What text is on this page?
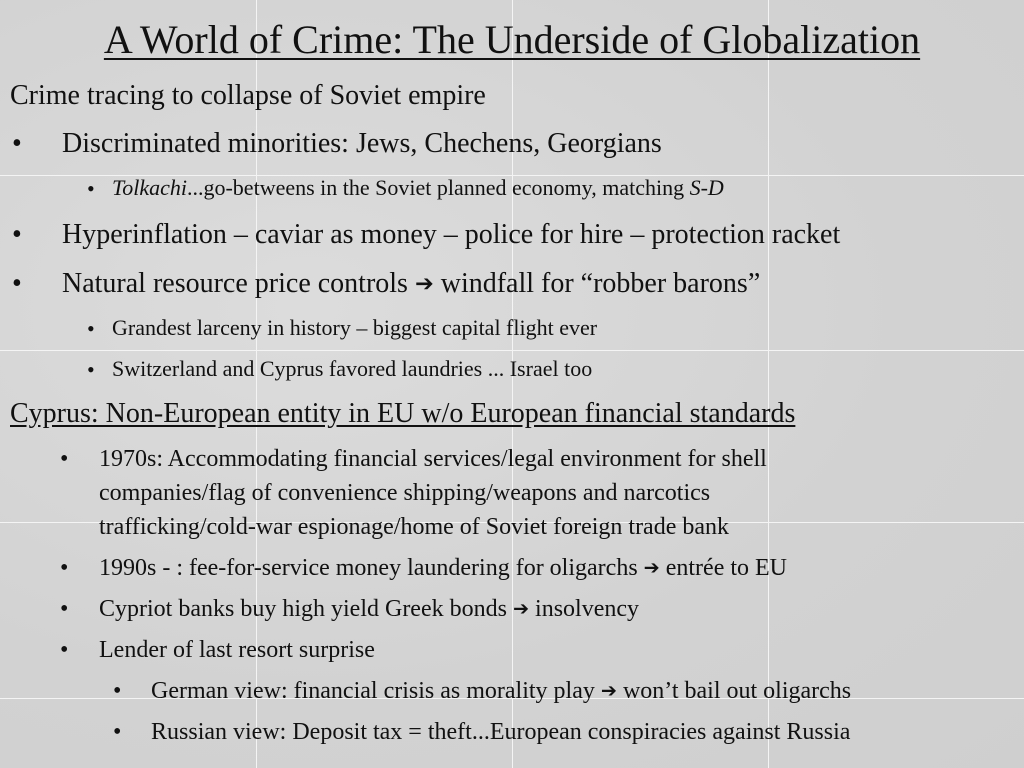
A World of Crime: The Underside of Globalization
Crime tracing to collapse of Soviet empire
• Discriminated minorities: Jews, Chechens, Georgians
• Tolkachi...go-betweens in the Soviet planned economy, matching S-D
• Hyperinflation – caviar as money – police for hire – protection racket
• Natural resource price controls ➔ windfall for “robber barons”
• Grandest larceny in history – biggest capital flight ever
• Switzerland and Cyprus favored laundries ... Israel too
Cyprus: Non-European entity in EU w/o European financial standards
• 1970s: Accommodating financial services/legal environment for shell
companies/flag of convenience shipping/weapons and narcotics
trafficking/cold-war espionage/home of Soviet foreign trade bank
• 1990s - : fee-for-service money laundering for oligarchs ➔ entrée to EU
• Cypriot banks buy high yield Greek bonds ➔ insolvency
• Lender of last resort surprise
• German view: financial crisis as morality play ➔ won’t bail out oligarchs
• Russian view: Deposit tax = theft...European conspiracies against Russia
